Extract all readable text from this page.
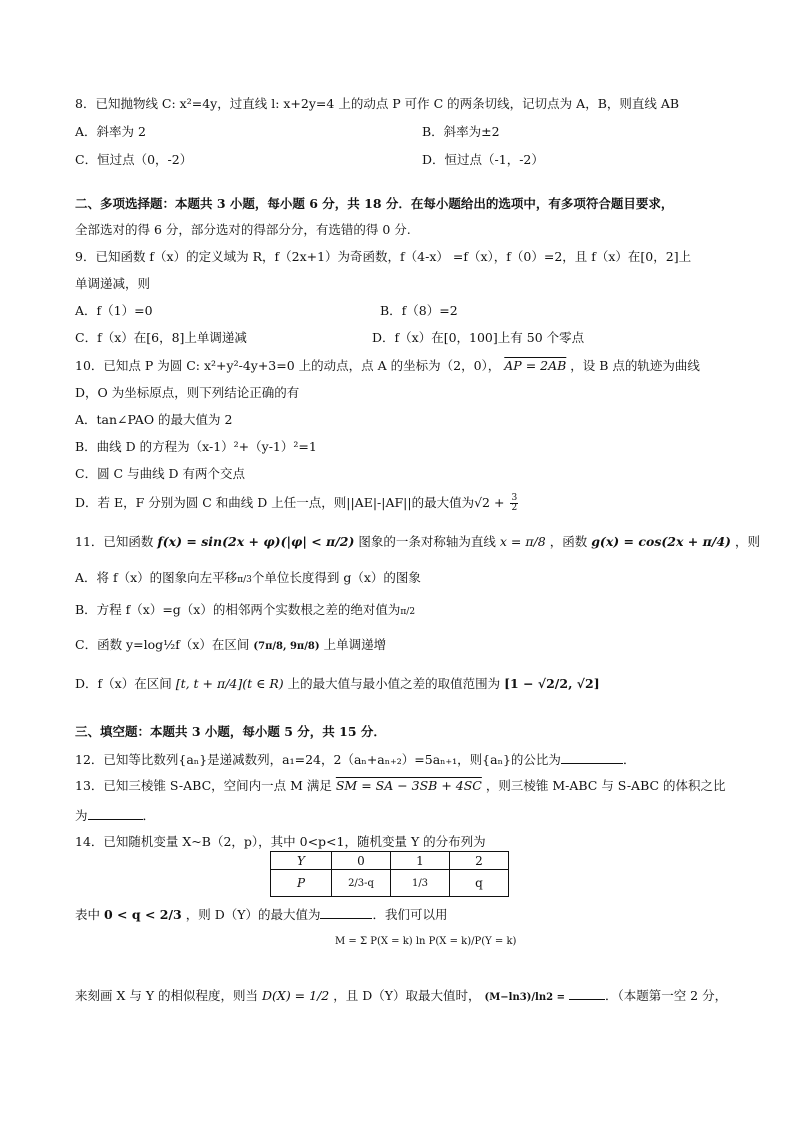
8．已知抛物线 C: x²=4y，过直线 l: x+2y=4 上的动点 P 可作 C 的两条切线，记切点为 A，B，则直线 AB
A．斜率为 2	B．斜率为±2
C．恒过点（0，-2）	D．恒过点（-1，-2）
二、多项选择题：本题共 3 小题，每小题 6 分，共 18 分．在每小题给出的选项中，有多项符合题目要求，
全部选对的得 6 分，部分选对的得部分分，有选错的得 0 分.
9．已知函数 f（x）的定义域为 R，f（2x+1）为奇函数，f（4-x） =f（x），f（0）=2，且 f（x）在[0，2]上
单调递减，则
A．f（1）=0	B．f（8）=2
C．f（x）在[6，8]上单调递减	D．f（x）在[0，100]上有 50 个零点
10．已知点 P 为圆 C: x²+y²-4y+3=0 上的动点，点 A 的坐标为（2，0）， AP = 2AB ，设 B 点的轨迹为曲线
D，O 为坐标原点，则下列结论正确的有
A．tan∠PAO 的最大值为 2
B．曲线 D 的方程为（x-1）²+（y-1）²=1
C．圆 C 与曲线 D 有两个交点
D．若 E，F 分别为圆 C 和曲线 D 上任一点，则||AE|-|AF||的最大值为$√2 + \frac{3}{2}$
11．已知函数 f(x) = sin(2x + φ)(|φ| < π/2) 图象的一条对称轴为直线 x = π/8 ，函数 g(x) = cos(2x + π/4) ，则
A．将 f（x）的图象向左平移π/3个单位长度得到 g（x）的图象
B．方程 f（x）=g（x）的相邻两个实数根之差的绝对值为π/2
C．函数 y=log½f（x）在区间 (7π/8, 9π/8) 上单调递增
D．f（x）在区间 [t, t + π/4](t ∈ R) 上的最大值与最小值之差的取值范围为 [1 − √2/2, √2]
三、填空题：本题共 3 小题，每小题 5 分，共 15 分．
12．已知等比数列{aₙ}是递减数列，a₁=24，2（aₙ+aₙ₊₂）=5aₙ₊₁，则{aₙ}的公比为	．
13．已知三棱锥 S-ABC，空间内一点 M 满足 SM = SA − 3SB + 4SC ，则三棱锥 M-ABC 与 S-ABC 的体积之比
为	．
14．已知随机变量 X~B（2，p），其中 0<p<1，随机变量 Y 的分布列为
Y	0	1	2
P	2/3-q	1/3	q
表中 0 < q < 2/3 ，则 D（Y）的最大值为	．我们可以用
M = Σ P(X = k) ln P(X = k)/P(Y = k)
来刻画 X 与 Y 的相似程度，则当 D(X) = 1/2 ，且 D（Y）取最大值时， (M−ln3)/ln2 =	．（本题第一空 2 分，
